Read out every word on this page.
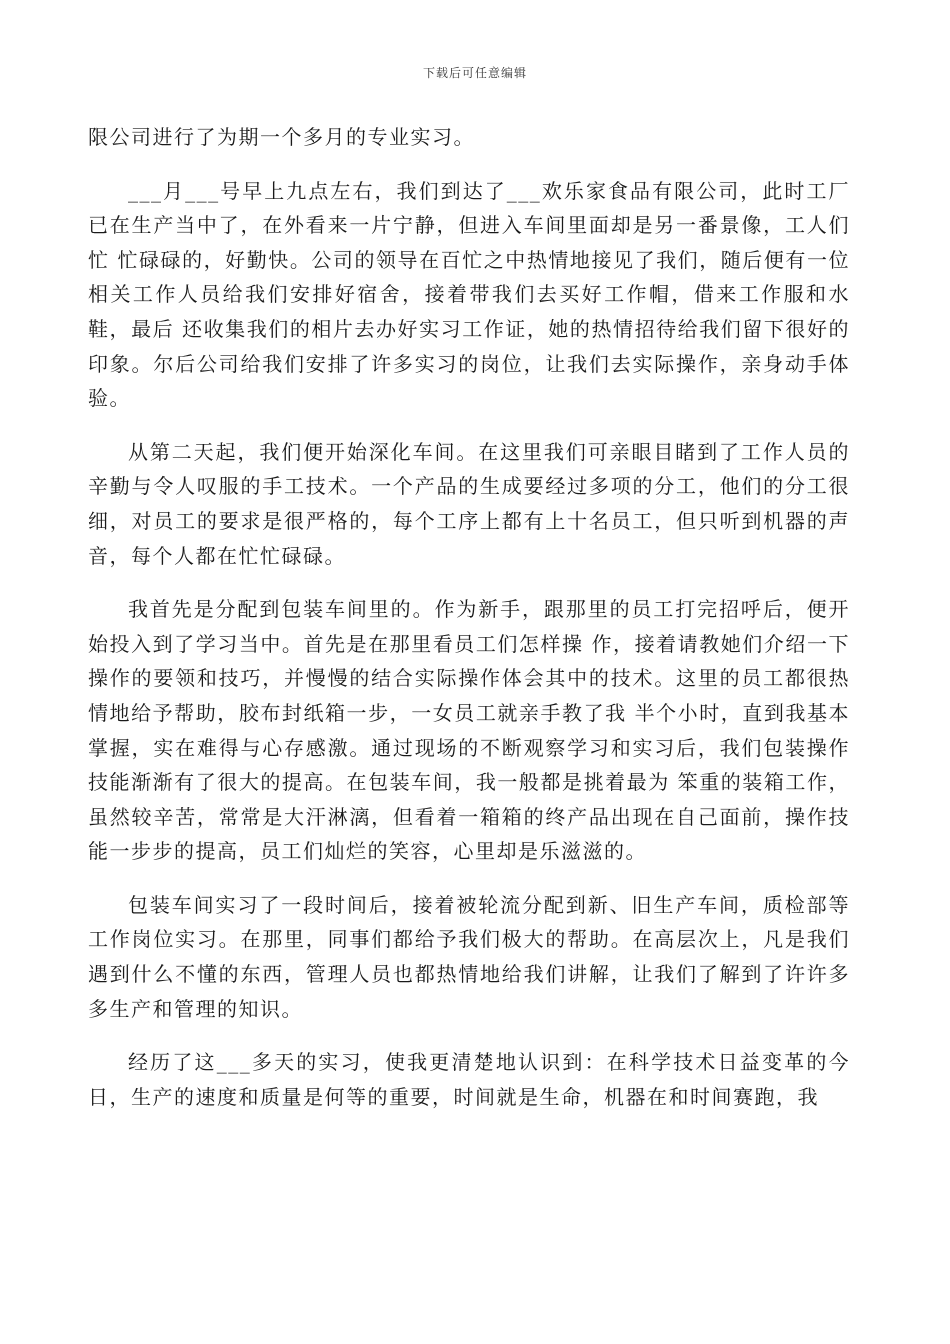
下载后可任意编辑

限公司进行了为期一个多月的专业实习。

___月___号早上九点左右，我们到达了___欢乐家食品有限公司，此时工厂已在生产当中了，在外看来一片宁静，但进入车间里面却是另一番景像，工人们忙 忙碌碌的，好勤快。公司的领导在百忙之中热情地接见了我们，随后便有一位相关工作人员给我们安排好宿舍，接着带我们去买好工作帽，借来工作服和水鞋，最后 还收集我们的相片去办好实习工作证，她的热情招待给我们留下很好的印象。尔后公司给我们安排了许多实习的岗位，让我们去实际操作，亲身动手体验。

从第二天起，我们便开始深化车间。在这里我们可亲眼目睹到了工作人员的辛勤与令人叹服的手工技术。一个产品的生成要经过多项的分工，他们的分工很细，对员工的要求是很严格的，每个工序上都有上十名员工，但只听到机器的声音，每个人都在忙忙碌碌。

我首先是分配到包装车间里的。作为新手，跟那里的员工打完招呼后，便开始投入到了学习当中。首先是在那里看员工们怎样操 作，接着请教她们介绍一下操作的要领和技巧，并慢慢的结合实际操作体会其中的技术。这里的员工都很热情地给予帮助，胶布封纸箱一步，一女员工就亲手教了我 半个小时，直到我基本掌握，实在难得与心存感激。通过现场的不断观察学习和实习后，我们包装操作技能渐渐有了很大的提高。在包装车间，我一般都是挑着最为 笨重的装箱工作，虽然较辛苦，常常是大汗淋漓，但看着一箱箱的终产品出现在自己面前，操作技能一步步的提高，员工们灿烂的笑容，心里却是乐滋滋的。

包装车间实习了一段时间后，接着被轮流分配到新、旧生产车间，质检部等工作岗位实习。在那里，同事们都给予我们极大的帮助。在高层次上，凡是我们遇到什么不懂的东西，管理人员也都热情地给我们讲解，让我们了解到了许许多多生产和管理的知识。

经历了这___多天的实习，使我更清楚地认识到：在科学技术日益变革的今日，生产的速度和质量是何等的重要，时间就是生命，机器在和时间赛跑，我
